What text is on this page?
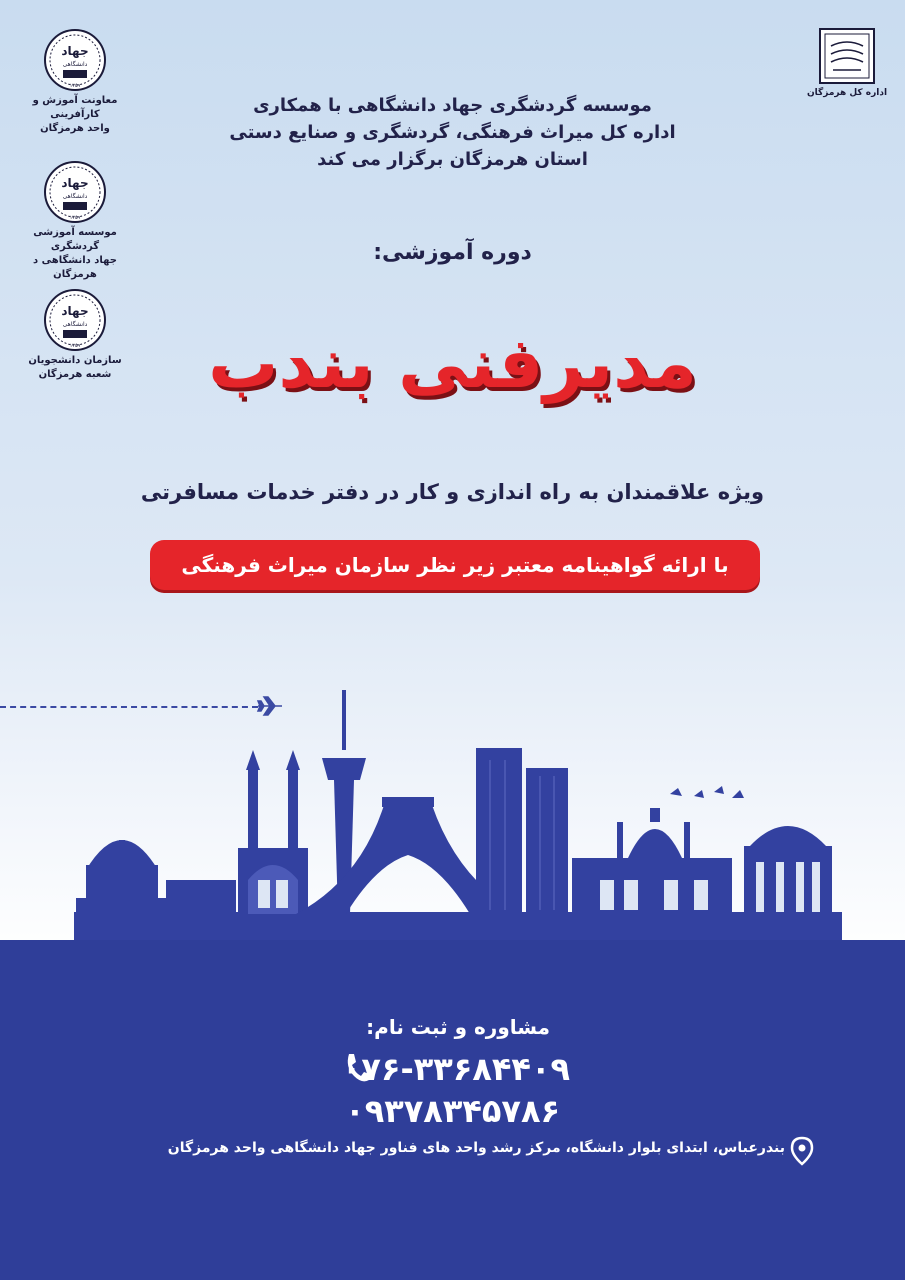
جهاد
دانشگاهی
۱۳۵۹
معاونت آموزش و کارآفرینی
واحد هرمزگان
جهاد
دانشگاهی
۱۳۵۹
موسسه آموزشی گردشگری
جهاد دانشگاهی د هرمزگان
جهاد
دانشگاهی
۱۳۵۹
سازمان دانشجویان
شعبه هرمزگان
اداره کل هرمزگان
موسسه گردشگری جهاد دانشگاهی با همکاری
اداره کل میراث فرهنگی، گردشگری و صنایع دستی
استان هرمزگان برگزار می کند
دوره آموزشی:
مدیرفنی بندب
ویژه علاقمندان به راه اندازی و کار در دفتر خدمات مسافرتی
با ارائه گواهینامه معتبر زیر نظر سازمان میراث فرهنگی
مشاوره و ثبت نام:
۰۷۶-۳۳۶۸۴۴۰۹
۰۹۳۷۸۳۴۵۷۸۶
بندرعباس، ابتدای بلوار دانشگاه، مرکز رشد واحد های فناور جهاد دانشگاهی واحد هرمزگان
